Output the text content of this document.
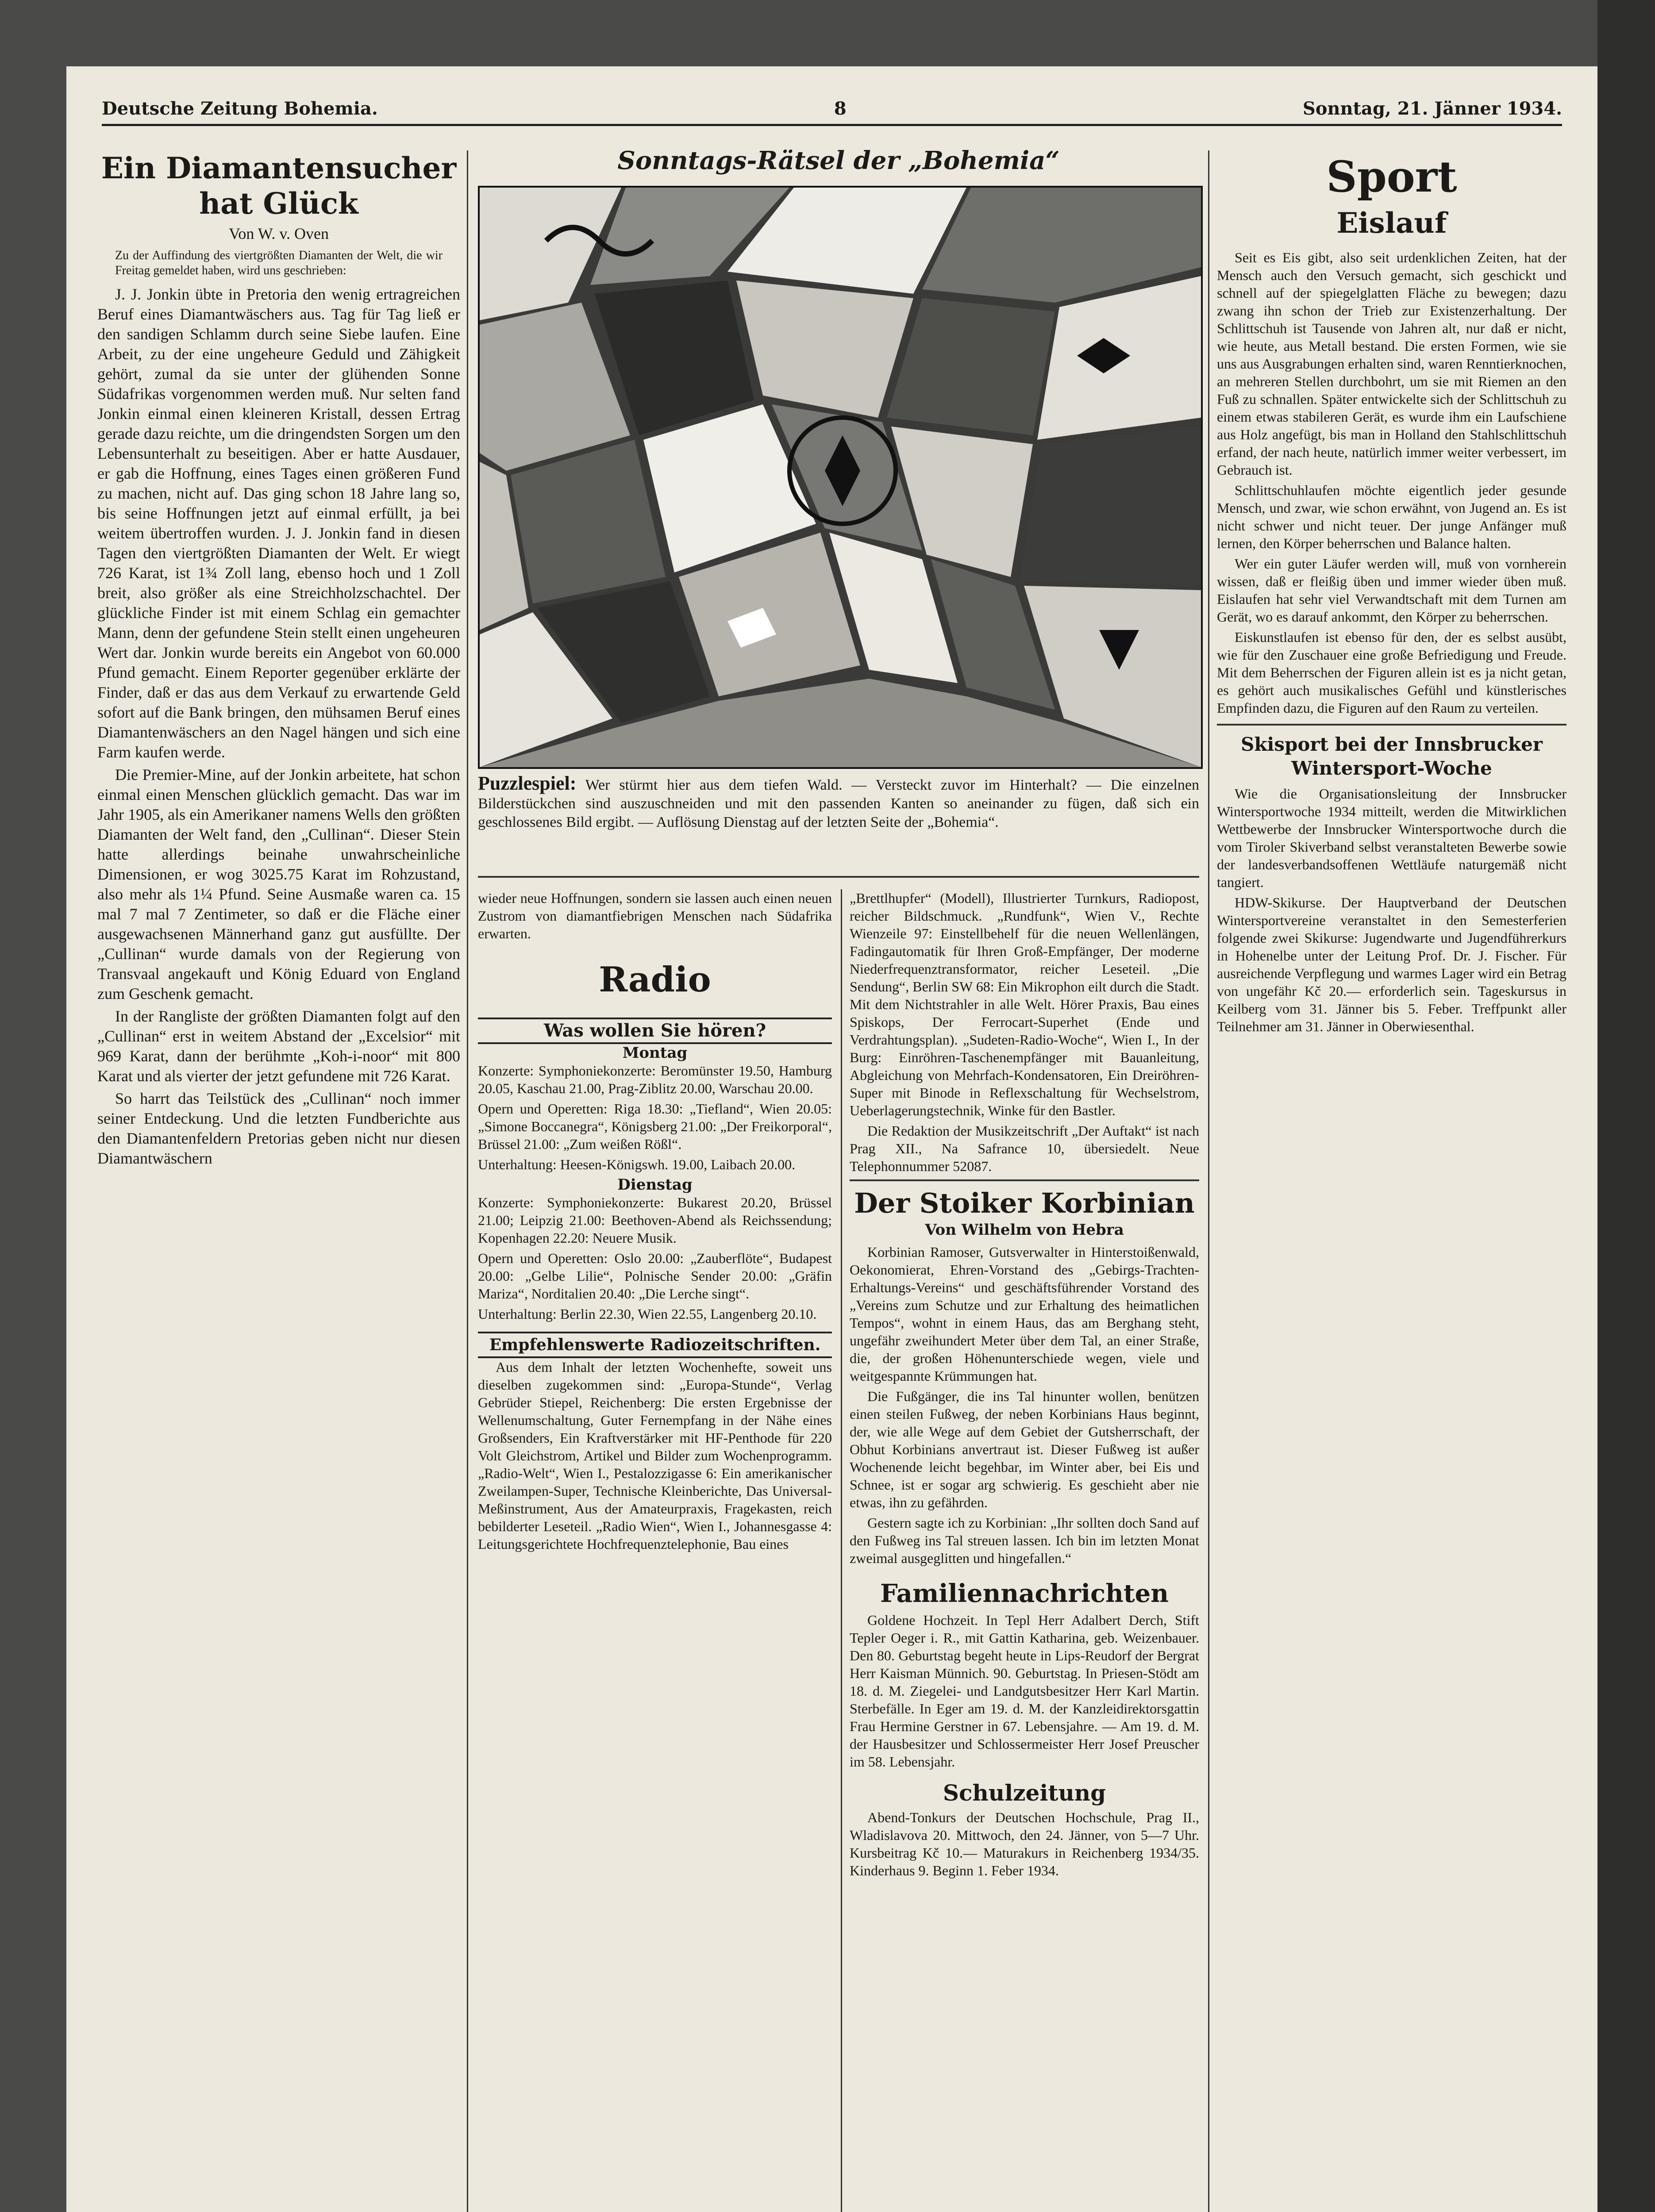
Deutsche Zeitung Bohemia.	8	Sonntag, 21. Jänner 1934.
Ein Diamantensucher
hat Glück
Von W. v. Oven
Zu der Auffindung des viertgrößten Diamanten der Welt, die wir Freitag gemeldet haben, wird uns geschrieben:

J. J. Jonkin übte in Pretoria den wenig ertragreichen Beruf eines Diamantwäschers aus. Tag für Tag ließ er den sandigen Schlamm durch seine Siebe laufen. Eine Arbeit, zu der eine ungeheure Geduld und Zähigkeit gehört, zumal da sie unter der glühenden Sonne Südafrikas vorgenommen werden muß. Nur selten fand Jonkin einmal einen kleineren Kristall, dessen Ertrag gerade dazu reichte, um die dringendsten Sorgen um den Lebensunterhalt zu beseitigen. Aber er hatte Ausdauer, er gab die Hoffnung, eines Tages einen größeren Fund zu machen, nicht auf. Das ging schon 18 Jahre lang so, bis seine Hoffnungen jetzt auf einmal erfüllt, ja bei weitem übertroffen wurden. J. J. Jonkin fand in diesen Tagen den viertgrößten Diamanten der Welt. Er wiegt 726 Karat, ist 1¾ Zoll lang, ebenso hoch und 1 Zoll breit, also größer als eine Streichholzschachtel. Der glückliche Finder ist mit einem Schlag ein gemachter Mann, denn der gefundene Stein stellt einen ungeheuren Wert dar. Jonkin wurde bereits ein Angebot von 60.000 Pfund gemacht. Einem Reporter gegenüber erklärte der Finder, daß er das aus dem Verkauf zu erwartende Geld sofort auf die Bank bringen, den mühsamen Beruf eines Diamantenwäschers an den Nagel hängen und sich eine Farm kaufen werde.

Die Premier-Mine, auf der Jonkin arbeitete, hat schon einmal einen Menschen glücklich gemacht. Das war im Jahr 1905, als ein Amerikaner namens Wells den größten Diamanten der Welt fand, den „Cullinan“. Dieser Stein hatte allerdings beinahe unwahrscheinliche Dimensionen, er wog 3025.75 Karat im Rohzustand, also mehr als 1¼ Pfund. Seine Ausmaße waren ca. 15 mal 7 mal 7 Zentimeter, so daß er die Fläche einer ausgewachsenen Männerhand ganz gut ausfüllte. Der „Cullinan“ wurde damals von der Regierung von Transvaal angekauft und König Eduard von England zum Geschenk gemacht.

In der Rangliste der größten Diamanten folgt auf den „Cullinan“ erst in weitem Abstand der „Excelsior“ mit 969 Karat, dann der berühmte „Koh-i-noor“ mit 800 Karat und als vierter der jetzt gefundene mit 726 Karat.

So harrt das Teilstück des „Cullinan“ noch immer seiner Entdeckung. Und die letzten Fundberichte aus den Diamantenfeldern Pretorias geben nicht nur diesen Diamantwäschern

Sonntags-Rätsel der „Bohemia“
Puzzlespiel: Wer stürmt hier aus dem tiefen Wald. — Versteckt zuvor im Hinterhalt? — Die einzelnen Bilderstückchen sind auszuschneiden und mit den passenden Kanten so aneinander zu fügen, daß sich ein geschlossenes Bild ergibt. — Auflösung Dienstag auf der letzten Seite der „Bohemia“.

wieder neue Hoffnungen, sondern sie lassen auch einen neuen Zustrom von diamantfiebrigen Menschen nach Südafrika erwarten.

Radio
Was wollen Sie hören?
Montag

Konzerte: Symphoniekonzerte: Beromünster 19.50, Hamburg 20.05, Kaschau 21.00, Prag-Ziblitz 20.00, Warschau 20.00.

Opern und Operetten: Riga 18.30: „Tiefland“, Wien 20.05: „Simone Boccanegra“, Königsberg 21.00: „Der Freikorporal“, Brüssel 21.00: „Zum weißen Rößl“.

Unterhaltung: Heesen-Königswh. 19.00, Laibach 20.00.

Dienstag

Konzerte: Symphoniekonzerte: Bukarest 20.20, Brüssel 21.00; Leipzig 21.00: Beethoven-Abend als Reichssendung; Kopenhagen 22.20: Neuere Musik.

Opern und Operetten: Oslo 20.00: „Zauberflöte“, Budapest 20.00: „Gelbe Lilie“, Polnische Sender 20.00: „Gräfin Mariza“, Norditalien 20.40: „Die Lerche singt“.

Unterhaltung: Berlin 22.30, Wien 22.55, Langenberg 20.10.

Empfehlenswerte Radiozeitschriften.

Aus dem Inhalt der letzten Wochenhefte, soweit uns dieselben zugekommen sind: „Europa-Stunde“, Verlag Gebrüder Stiepel, Reichenberg: Die ersten Ergebnisse der Wellenumschaltung, Guter Fernempfang in der Nähe eines Großsenders, Ein Kraftverstärker mit HF-Penthode für 220 Volt Gleichstrom, Artikel und Bilder zum Wochenprogramm. „Radio-Welt“, Wien I., Pestalozzigasse 6: Ein amerikanischer Zweilampen-Super, Technische Kleinberichte, Das Universal-Meßinstrument, Aus der Amateurpraxis, Fragekasten, reich bebilderter Leseteil. „Radio Wien“, Wien I., Johannesgasse 4: Leitungsgerichtete Hochfrequenztelephonie, Bau eines

„Brettlhupfer“ (Modell), Illustrierter Turnkurs, Radiopost, reicher Bildschmuck. „Rundfunk“, Wien V., Rechte Wienzeile 97: Einstellbehelf für die neuen Wellenlängen, Fadingautomatik für Ihren Groß-Empfänger, Der moderne Niederfrequenztransformator, reicher Leseteil. „Die Sendung“, Berlin SW 68: Ein Mikrophon eilt durch die Stadt. Mit dem Nichtstrahler in alle Welt. Hörer Praxis, Bau eines Spiskops, Der Ferrocart-Superhet (Ende und Verdrahtungsplan). „Sudeten-Radio-Woche“, Wien I., In der Burg: Einröhren-Taschenempfänger mit Bauanleitung, Abgleichung von Mehrfach-Kondensatoren, Ein Dreiröhren-Super mit Binode in Reflexschaltung für Wechselstrom, Ueberlagerungstechnik, Winke für den Bastler.

Die Redaktion der Musikzeitschrift „Der Auftakt“ ist nach Prag XII., Na Safrance 10, übersiedelt. Neue Telephonnummer 52087.

Der Stoiker Korbinian
Von Wilhelm von Hebra

Korbinian Ramoser, Gutsverwalter in Hinterstoißenwald, Oekonomierat, Ehren-Vorstand des „Gebirgs-Trachten-Erhaltungs-Vereins“ und geschäftsführender Vorstand des „Vereins zum Schutze und zur Erhaltung des heimatlichen Tempos“, wohnt in einem Haus, das am Berghang steht, ungefähr zweihundert Meter über dem Tal, an einer Straße, die, der großen Höhenunterschiede wegen, viele und weitgespannte Krümmungen hat.

Die Fußgänger, die ins Tal hinunter wollen, benützen einen steilen Fußweg, der neben Korbinians Haus beginnt, der, wie alle Wege auf dem Gebiet der Gutsherrschaft, der Obhut Korbinians anvertraut ist. Dieser Fußweg ist außer Wochenende leicht begehbar, im Winter aber, bei Eis und Schnee, ist er sogar arg schwierig. Es geschieht aber nie etwas, ihn zu gefährden.

Gestern sagte ich zu Korbinian: „Ihr sollten doch Sand auf den Fußweg ins Tal streuen lassen. Ich bin im letzten Monat zweimal ausgeglitten und hingefallen.“

Familiennachrichten

Goldene Hochzeit. In Tepl Herr Adalbert Derch, Stift Tepler Oeger i. R., mit Gattin Katharina, geb. Weizenbauer. Den 80. Geburtstag begeht heute in Lips-Reudorf der Bergrat Herr Kaisman Münnich. 90. Geburtstag. In Priesen-Stödt am 18. d. M. Ziegelei- und Landgutsbesitzer Herr Karl Martin. Sterbefälle. In Eger am 19. d. M. der Kanzleidirektorsgattin Frau Hermine Gerstner in 67. Lebensjahre. — Am 19. d. M. der Hausbesitzer und Schlossermeister Herr Josef Preuscher im 58. Lebensjahr.

Schulzeitung

Abend-Tonkurs der Deutschen Hochschule, Prag II., Wladislavova 20. Mittwoch, den 24. Jänner, von 5—7 Uhr. Kursbeitrag Kč 10.— Maturakurs in Reichenberg 1934/35. Kinderhaus 9. Beginn 1. Feber 1934.

Sport
Eislauf

Seit es Eis gibt, also seit urdenklichen Zeiten, hat der Mensch auch den Versuch gemacht, sich geschickt und schnell auf der spiegelglatten Fläche zu bewegen; dazu zwang ihn schon der Trieb zur Existenzerhaltung. Der Schlittschuh ist Tausende von Jahren alt, nur daß er nicht, wie heute, aus Metall bestand. Die ersten Formen, wie sie uns aus Ausgrabungen erhalten sind, waren Renntierknochen, an mehreren Stellen durchbohrt, um sie mit Riemen an den Fuß zu schnallen. Später entwickelte sich der Schlittschuh zu einem etwas stabileren Gerät, es wurde ihm ein Laufschiene aus Holz angefügt, bis man in Holland den Stahlschlittschuh erfand, der nach heute, natürlich immer weiter verbessert, im Gebrauch ist.

Schlittschuhlaufen möchte eigentlich jeder gesunde Mensch, und zwar, wie schon erwähnt, von Jugend an. Es ist nicht schwer und nicht teuer. Der junge Anfänger muß lernen, den Körper beherrschen und Balance halten.

Wer ein guter Läufer werden will, muß von vornherein wissen, daß er fleißig üben und immer wieder üben muß. Eislaufen hat sehr viel Verwandtschaft mit dem Turnen am Gerät, wo es darauf ankommt, den Körper zu beherrschen.

Eiskunstlaufen ist ebenso für den, der es selbst ausübt, wie für den Zuschauer eine große Befriedigung und Freude. Mit dem Beherrschen der Figuren allein ist es ja nicht getan, es gehört auch musikalisches Gefühl und künstlerisches Empfinden dazu, die Figuren auf den Raum zu verteilen.

Skisport bei der Innsbrucker Wintersport-Woche

Wie die Organisationsleitung der Innsbrucker Wintersportwoche 1934 mitteilt, werden die Mitwirklichen Wettbewerbe der Innsbrucker Wintersportwoche durch die vom Tiroler Skiverband selbst veranstalteten Bewerbe sowie der landesverbandsoffenen Wettläufe naturgemäß nicht tangiert.

HDW-Skikurse. Der Hauptverband der Deutschen Wintersportvereine veranstaltet in den Semesterferien folgende zwei Skikurse: Jugendwarte und Jugendführerkurs in Hohenelbe unter der Leitung Prof. Dr. J. Fischer. Für ausreichende Verpflegung und warmes Lager wird ein Betrag von ungefähr Kč 20.— erforderlich sein. Tageskursus in Keilberg vom 31. Jänner bis 5. Feber. Treffpunkt aller Teilnehmer am 31. Jänner in Oberwiesenthal.
